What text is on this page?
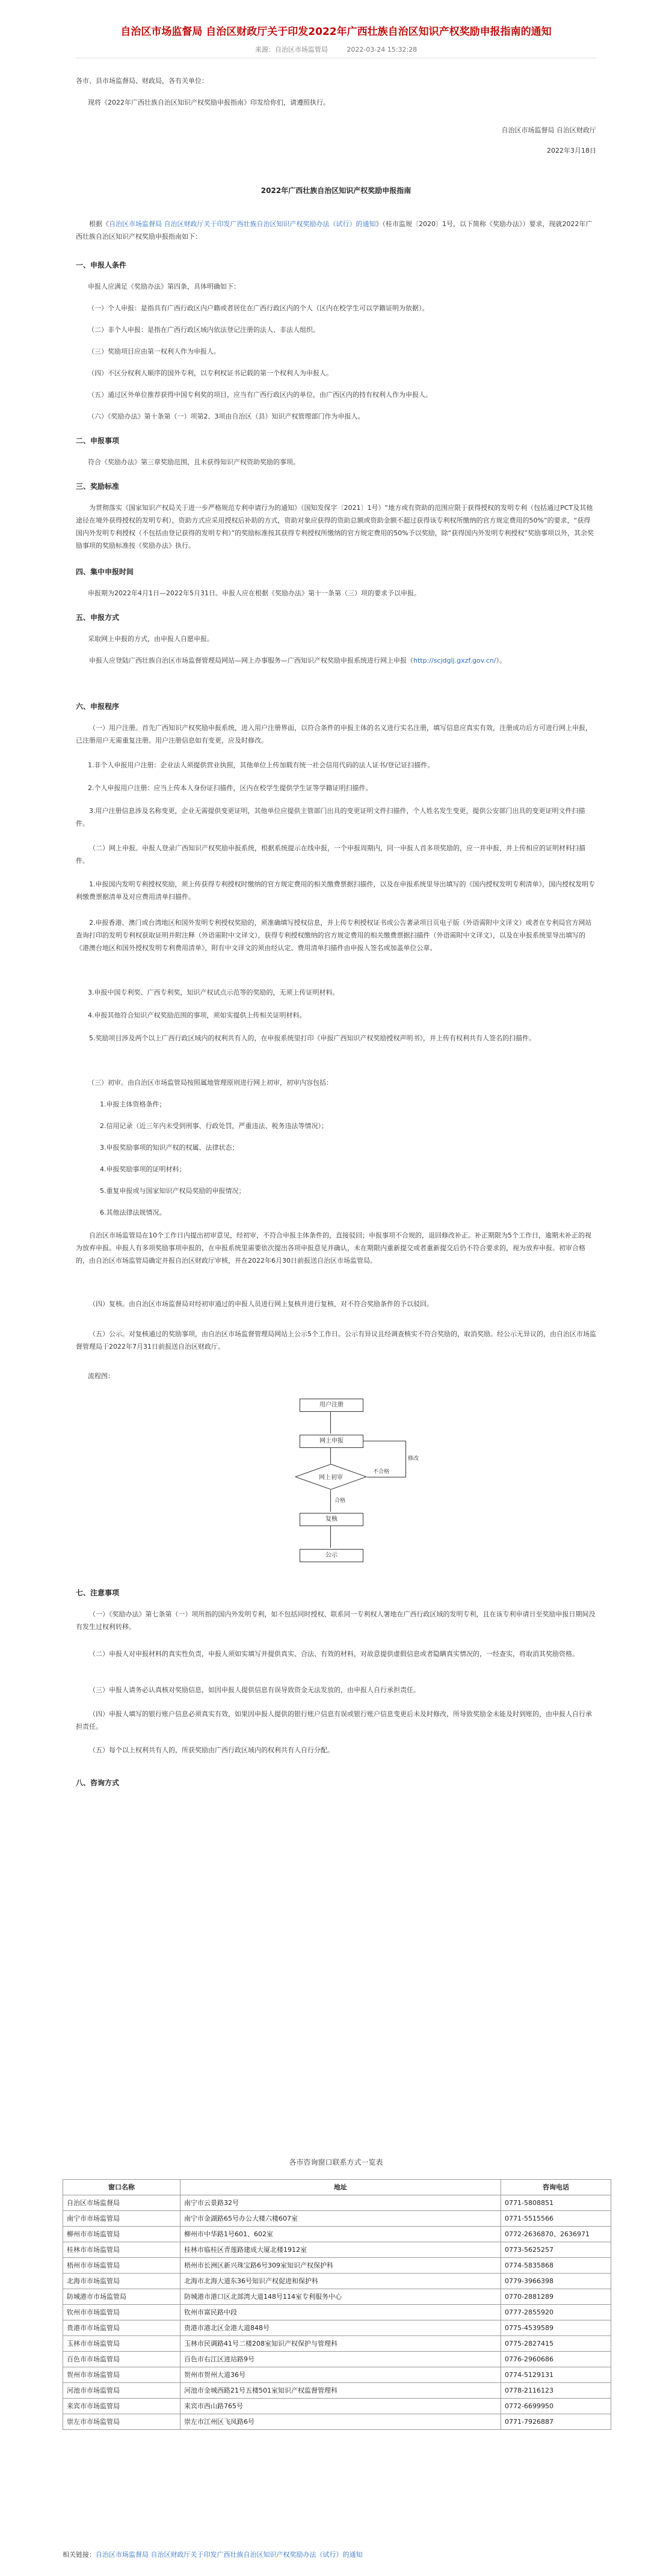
自治区市场监督局 自治区财政厅关于印发2022年广西壮族自治区知识产权奖励申报指南的通知
来源：自治区市场监管局	2022-03-24 15:32:28
各市、县市场监督局、财政局，各有关单位：
现将《2022年广西壮族自治区知识产权奖励申报指南》印发给你们，请遵照执行。
自治区市场监督局 自治区财政厅
2022年3月18日
2022年广西壮族自治区知识产权奖励申报指南
根据《自治区市场监督局 自治区财政厅关于印发广西壮族自治区知识产权奖励办法（试行）的通知》（桂市监规〔2020〕1号，以下简称《奖励办法》）要求，现就2022年广西壮族自治区知识产权奖励申报指南如下：
一、申报人条件
申报人应满足《奖励办法》第四条，具体明确如下：
（一）个人申报：是指具有广西行政区内户籍或者居住在广西行政区内的个人（区内在校学生可以学籍证明为依据）。
（二）非个人申报：是指在广西行政区域内依法登记注册的法人、非法人组织。
（三）奖励项目应由第一权利人作为申报人。
（四）不区分权利人顺序的国外专利，以专利权证书记载的第一个权利人为申报人。
（五）通过区外单位推荐获得中国专利奖的项目，应当有广西行政区内的单位，由广西区内的持有权利人作为申报人。
（六）《奖励办法》第十条第（一）项第2、3项由自治区（县）知识产权管理部门作为申报人。
二、申报事项
符合《奖励办法》第三章奖励范围，且未获得知识产权资助奖励的事项。
三、奖励标准
为贯彻落实《国家知识产权局关于进一步严格规范专利申请行为的通知》（国知发保字〔2021〕1号）“地方或有资助的范围应限于获得授权的发明专利（包括通过PCT及其他途径在境外获得授权的发明专利），资助方式应采用授权后补助的方式，资助对象应获得的资助总额或资助金额不超过获得该专利权所缴纳的官方规定费用的50%”的要求，“获得国内外发明专利授权（不包括由登记获得的发明专利）”的奖励标准按其获得专利授权所缴纳的官方规定费用的50%予以奖励，除“获得国内外发明专利授权”奖励事项以外，其余奖励事项的奖励标准按《奖励办法》执行。
四、集中申报时间
申报期为2022年4月1日—2022年5月31日。申报人应在根据《奖励办法》第十一条第（三）项的要求予以申报。
五、申报方式
采取网上申报的方式，由申报人自愿申报。
申报人应登陆广西壮族自治区市场监督管理局网站—网上办事服务—广西知识产权奖励申报系统进行网上申报（http://scjdglj.gxzf.gov.cn/）。
六、申报程序
（一）用户注册。首先广西知识产权奖励申报系统，进入用户注册界面，以符合条件的申报主体的名义进行实名注册，填写信息应真实有效，注册成功后方可进行网上申报，已注册用户无需重复注册。用户注册信息如有变更，应及时修改。
1.非个人申报用户注册：企业法人须提供营业执照，其他单位上传加载有统一社会信用代码的法人证书/登记证扫描件。
2.个人申报用户注册：应当上传本人身份证扫描件，区内在校学生提供学生证等学籍证明扫描件。
3.用户注册信息涉及名称变更，企业无需提供变更证明，其他单位应提供主管部门出具的变更证明文件扫描件，个人姓名发生变更，提供公安部门出具的变更证明文件扫描件。
（二）网上申报。申报人登录广西知识产权奖励申报系统，根据系统提示在线申报，一个申报周期内，同一申报人首多项奖励的，应一并申报，并上传相应的证明材料扫描件。
1.申报国内发明专利授权奖励，须上传获得专利授权时缴纳的官方规定费用的相关缴费票据扫描件，以及在申报系统里导出填写的《国内授权发明专利清单》，国内授权发明专利缴费票据清单及对应费用清单扫描件。
2.申报香港、澳门或台湾地区和国外发明专利授权奖励的，须准确填写授权信息，并上传专利授权证书或公告著录项目页电子版（外语需附中文译文）或者在专利局官方网站查询打印的发明专利权获取证明并附注释（外语需附中文译文），获得专利授权缴纳的官方规定费用的相关缴费票据扫描件（外语需附中文译文），以及在申报系统里导出填写的《港澳台地区和国外授权发明专利费用清单》，附有中文译文的须由经认定、费用清单扫描件由申报人签名或加盖单位公章。
3.申报中国专利奖、广西专利奖，知识产权试点示范等的奖励的，无须上传证明材料。
4.申报其他符合知识产权奖励范围的事项，须如实提供上传相关证明材料。
5.奖励项目涉及两个以上广西行政区域内的权利共有人的，在申报系统里打印《申报广西知识产权奖励授权声明书》，并上传有权利共有人签名的扫描件。
（三）初审。由自治区市场监管局按照属地管理原则进行网上初审，初审内容包括：
1.申报主体资格条件；
2.信用记录（近三年内未受到刑事、行政处罚，严重违法、税务违法等情况）；
3.申报奖励事项的知识产权的权属、法律状态；
4.申报奖励事项的证明材料；
5.重复申报或与国家知识产权局奖励的申报情况；
6.其他法律法规情况。
自治区市场监管局在10个工作日内提出初审意见，经初审，不符合申报主体条件的，直接驳回；申报事项不合规的，退回修改补正。补正期限为5个工作日，逾期未补正的视为放弃申报。申报人有多项奖励事项申报的，在申报系统里需要依次提出各项申报意见并确认，未在期限内重新提交或者重新提交后仍不符合要求的，视为放弃申报。初审合格的，由自治区市场监管局确定并报自治区财政厅审核，并在2022年6月30日前报送自治区市场监管局。
（四）复核。由自治区市场监督局对经初审通过的申报人员进行网上复核并进行复核，对不符合奖励条件的予以驳回。
（五）公示。对复核通过的奖励事项，由自治区市场监督管理局网站上公示5个工作日。公示有异议且经调查核实不符合奖励的，取消奖励。经公示无异议的，由自治区市场监督管理局于2022年7月31日前报送自治区财政厅。
流程图：
用户注册
网上申报
网上初审
不合格
修改
合格
复核
公示
七、注意事项
（一）《奖励办法》第七条第（一）项所指的国内外发明专利，如不包括同时授权、联系同一专利权人署地在广西行政区域的发明专利，且在该专利申请日至奖励申报日期间没有发生过权利转移。
（二）申报人对申报材料的真实性负责，申报人须如实填写并提供真实、合法、有效的材料，对故意提供虚假信息或者隐瞒真实情况的，一经查实，将取消其奖励资格。
（三）申报人请务必认真核对奖励信息，如因申报人提供信息有误导致资金无法发放的，由申报人自行承担责任。
（四）申报人填写的银行账户信息必须真实有效，如果因申报人提供的银行账户信息有误或银行账户信息变更后未及时修改，所导致奖励金未能及时到账的，由申报人自行承担责任。
（五）每个以上权利共有人的，所获奖励由广西行政区域内的权利共有人自行分配。
八、咨询方式
各市咨询窗口联系方式一览表
窗口名称	地址	咨询电话
自治区市场监督局	南宁市云景路32号	0771-5808851
南宁市市场监管局	南宁市金湖路65号办公大楼六楼607室	0771-5515566
柳州市市场监管局	柳州市中华路1号601、602室	0772-2636870、2636971
桂林市市场监管局	桂林市临桂区青莲路建成大厦北楼1912室	0773-5625257
梧州市市场监管局	梧州市长洲区新兴珠宝路6号309室知识产权保护科	0774-5835868
北海市市场监管局	北海市北海大道东36号知识产权促进和保护科	0779-3966398
防城港市市场监管局	防城港市港口区北部湾大道148号114室专利服务中心	0770-2881289
钦州市市场监管局	钦州市富民路中段	0777-2855920
贵港市市场监管局	贵港市港北区金港大道848号	0775-4539589
玉林市市场监管局	玉林市民调路41号二楼208室知识产权保护与管理科	0775-2827415
百色市市场监管局	百色市右江区进站路9号	0776-2960686
贺州市市场监管局	贺州市贺州大道36号	0774-5129131
河池市市场监管局	河池市金城西路21号五楼501室知识产权监督管理科	0778-2116123
来宾市市场监管局	来宾市西山路765号	0772-6699950
崇左市市场监管局	崇左市江州区飞凤路6号	0771-7926887
相关链接：自治区市场监督局 自治区财政厅关于印发广西壮族自治区知识产权奖励办法（试行）的通知
